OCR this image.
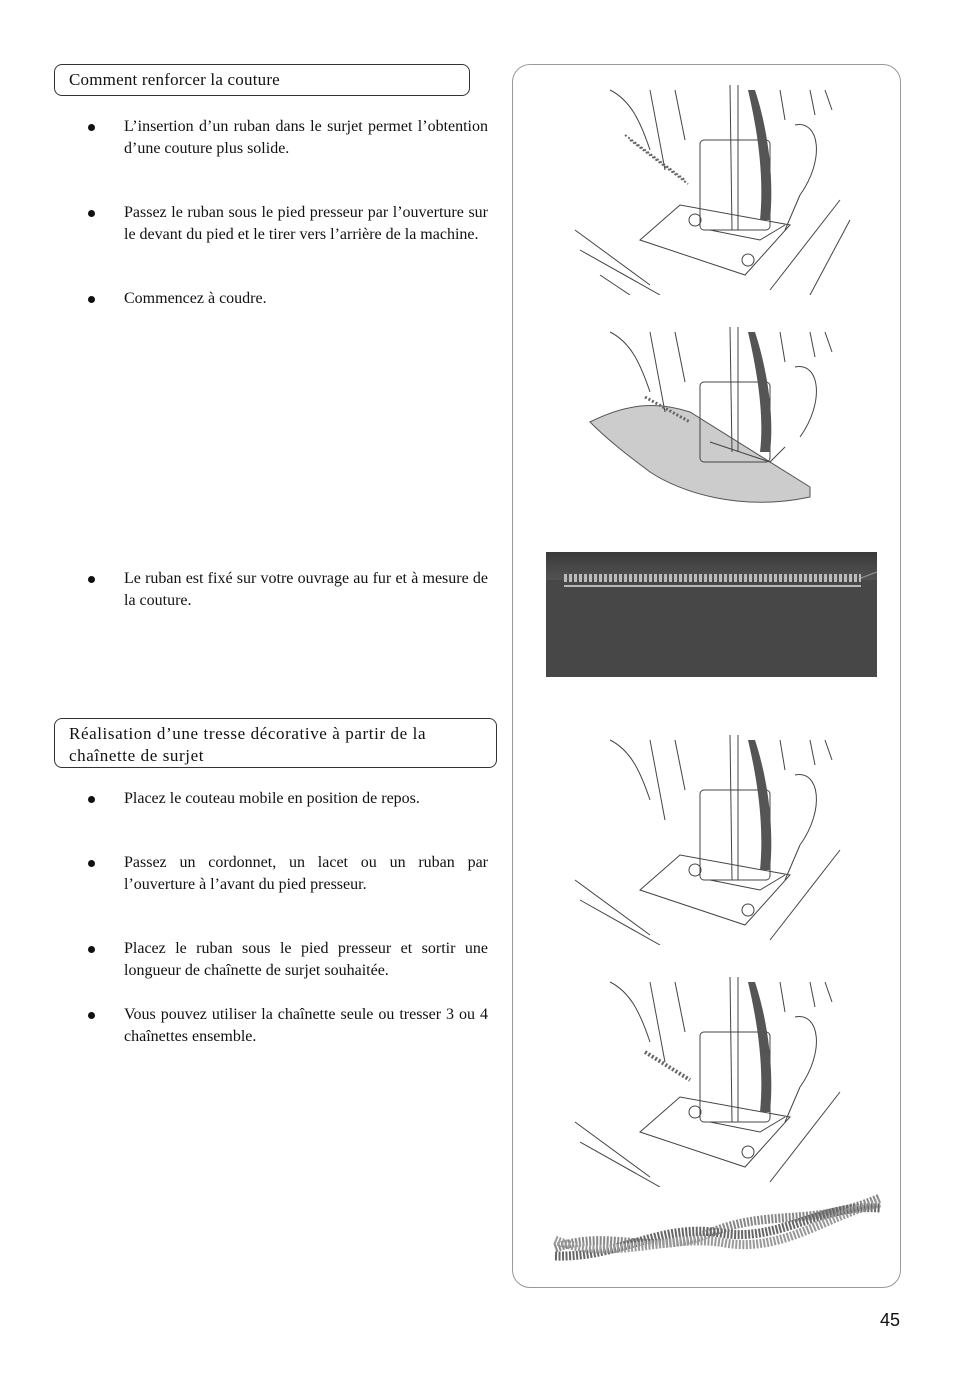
Comment renforcer la couture
L’insertion d’un ruban dans le surjet permet l’obtention d’une couture plus solide.
Passez le ruban sous le pied presseur par l’ouverture sur le devant du pied et le tirer vers l’arrière de la machine.
Commencez à coudre.
Le ruban est fixé sur votre ouvrage au fur et à mesure de la couture.
Réalisation d’une tresse décorative à partir de la chaînette de surjet
Placez le couteau mobile en position de repos.
Passez un cordonnet, un lacet ou un ruban par l’ouverture à l’avant du pied presseur.
Placez le ruban sous le pied presseur et sortir une longueur de chaînette de surjet souhaitée.
Vous pouvez utiliser la chaînette seule ou tresser 3 ou 4 chaînettes ensemble.
45
